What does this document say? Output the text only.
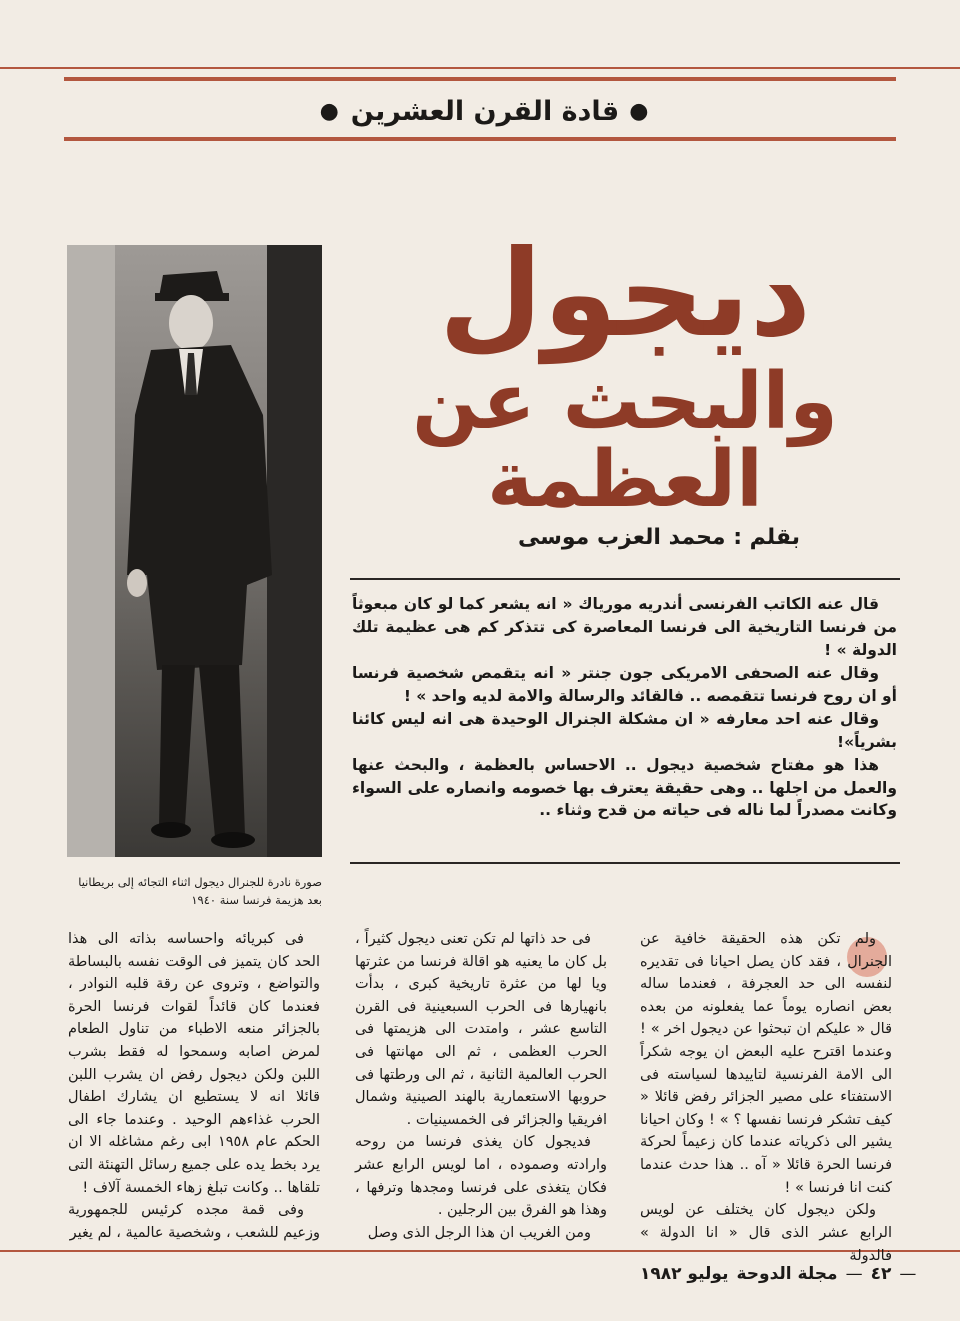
●
قادة القرن العشرين
●
ديجول
والبحث عن العظمة
بقلم : محمد العزب موسى
صورة نادرة للجنرال ديجول اثناء التجائه إلى بريطانيا بعد هزيمة فرنسا سنة ١٩٤٠

قال عنه الكاتب الفرنسى أندريه مورياك « انه يشعر كما لو كان مبعوثاً من فرنسا التاريخية الى فرنسا المعاصرة كى تتذكر كم هى عظيمة تلك الدولة » !

وقال عنه الصحفى الامريكى جون جنتر « انه يتقمص شخصية فرنسا أو ان روح فرنسا تتقمصه .. فالقائد والرسالة والامة لديه واحد » !

وقال عنه احد معارفه « ان مشكلة الجنرال الوحيدة هى انه ليس كائنا بشرياً»!

هذا هو مفتاح شخصية ديجول .. الاحساس بالعظمة ، والبحث عنها والعمل من اجلها .. وهى حقيقة يعترف بها خصومه وانصاره على السواء وكانت مصدراً لما ناله فى حياته من قدح وثناء ..

ولم تكن هذه الحقيقة خافية عن الجنرال ، فقد كان يصل احيانا فى تقديره لنفسه الى حد العجرفة ، فعندما ساله بعض انصاره يوماً عما يفعلونه من بعده قال « عليكم ان تبحثوا عن ديجول اخر » ! وعندما اقترح عليه البعض ان يوجه شكراً الى الامة الفرنسية لتاييدها لسياسته فى الاستفتاء على مصير الجزائر رفض قائلا « كيف تشكر فرنسا نفسها ؟ » ! وكان احيانا يشير الى ذكرياته عندما كان زعيماً لحركة فرنسا الحرة قائلا « آه .. هذا حدث عندما كنت انا فرنسا » !

ولكن ديجول كان يختلف عن لويس الرابع عشر الذى قال « انا الدولة » فالدولة

فى حد ذاتها لم تكن تعنى ديجول كثيراً ، بل كان ما يعنيه هو اقالة فرنسا من عثرتها ويا لها من عثرة تاريخية كبرى ، بدأت بانهيارها فى الحرب السبعينية فى القرن التاسع عشر ، وامتدت الى هزيمتها فى الحرب العظمى ، ثم الى مهانتها فى الحرب العالمية الثانية ، ثم الى ورطتها فى حروبها الاستعمارية بالهند الصينية وشمال افريقيا والجزائر فى الخمسينيات .

فديجول كان يغذى فرنسا من روحه وارادته وصموده ، اما لويس الرابع عشر فكان يتغذى على فرنسا ومجدها وترفها ، وهذا هو الفرق بين الرجلين .

ومن الغريب ان هذا الرجل الذى وصل

فى كبريائه واحساسه بذاته الى هذا الحد كان يتميز فى الوقت نفسه بالبساطة والتواضع ، وتروى عن رقة قلبه النوادر ، فعندما كان قائداً لقوات فرنسا الحرة بالجزائر منعه الاطباء من تناول الطعام لمرض اصابه وسمحوا له فقط بشرب اللبن ولكن ديجول رفض ان يشرب اللبن قائلا انه لا يستطيع ان يشارك اطفال الحرب غذاءهم الوحيد . وعندما جاء الى الحكم عام ١٩٥٨ ابى رغم مشاغله الا ان يرد بخط يده على جميع رسائل التهنئة التى تلقاها .. وكانت تبلغ زهاء الخمسة آلاف !

وفى قمة مجده كرئيس للجمهورية وزعيم للشعب ، وشخصية عالمية ، لم يغير

—
٤٢
—
مجلة الدوحة
يوليو ١٩٨٢
